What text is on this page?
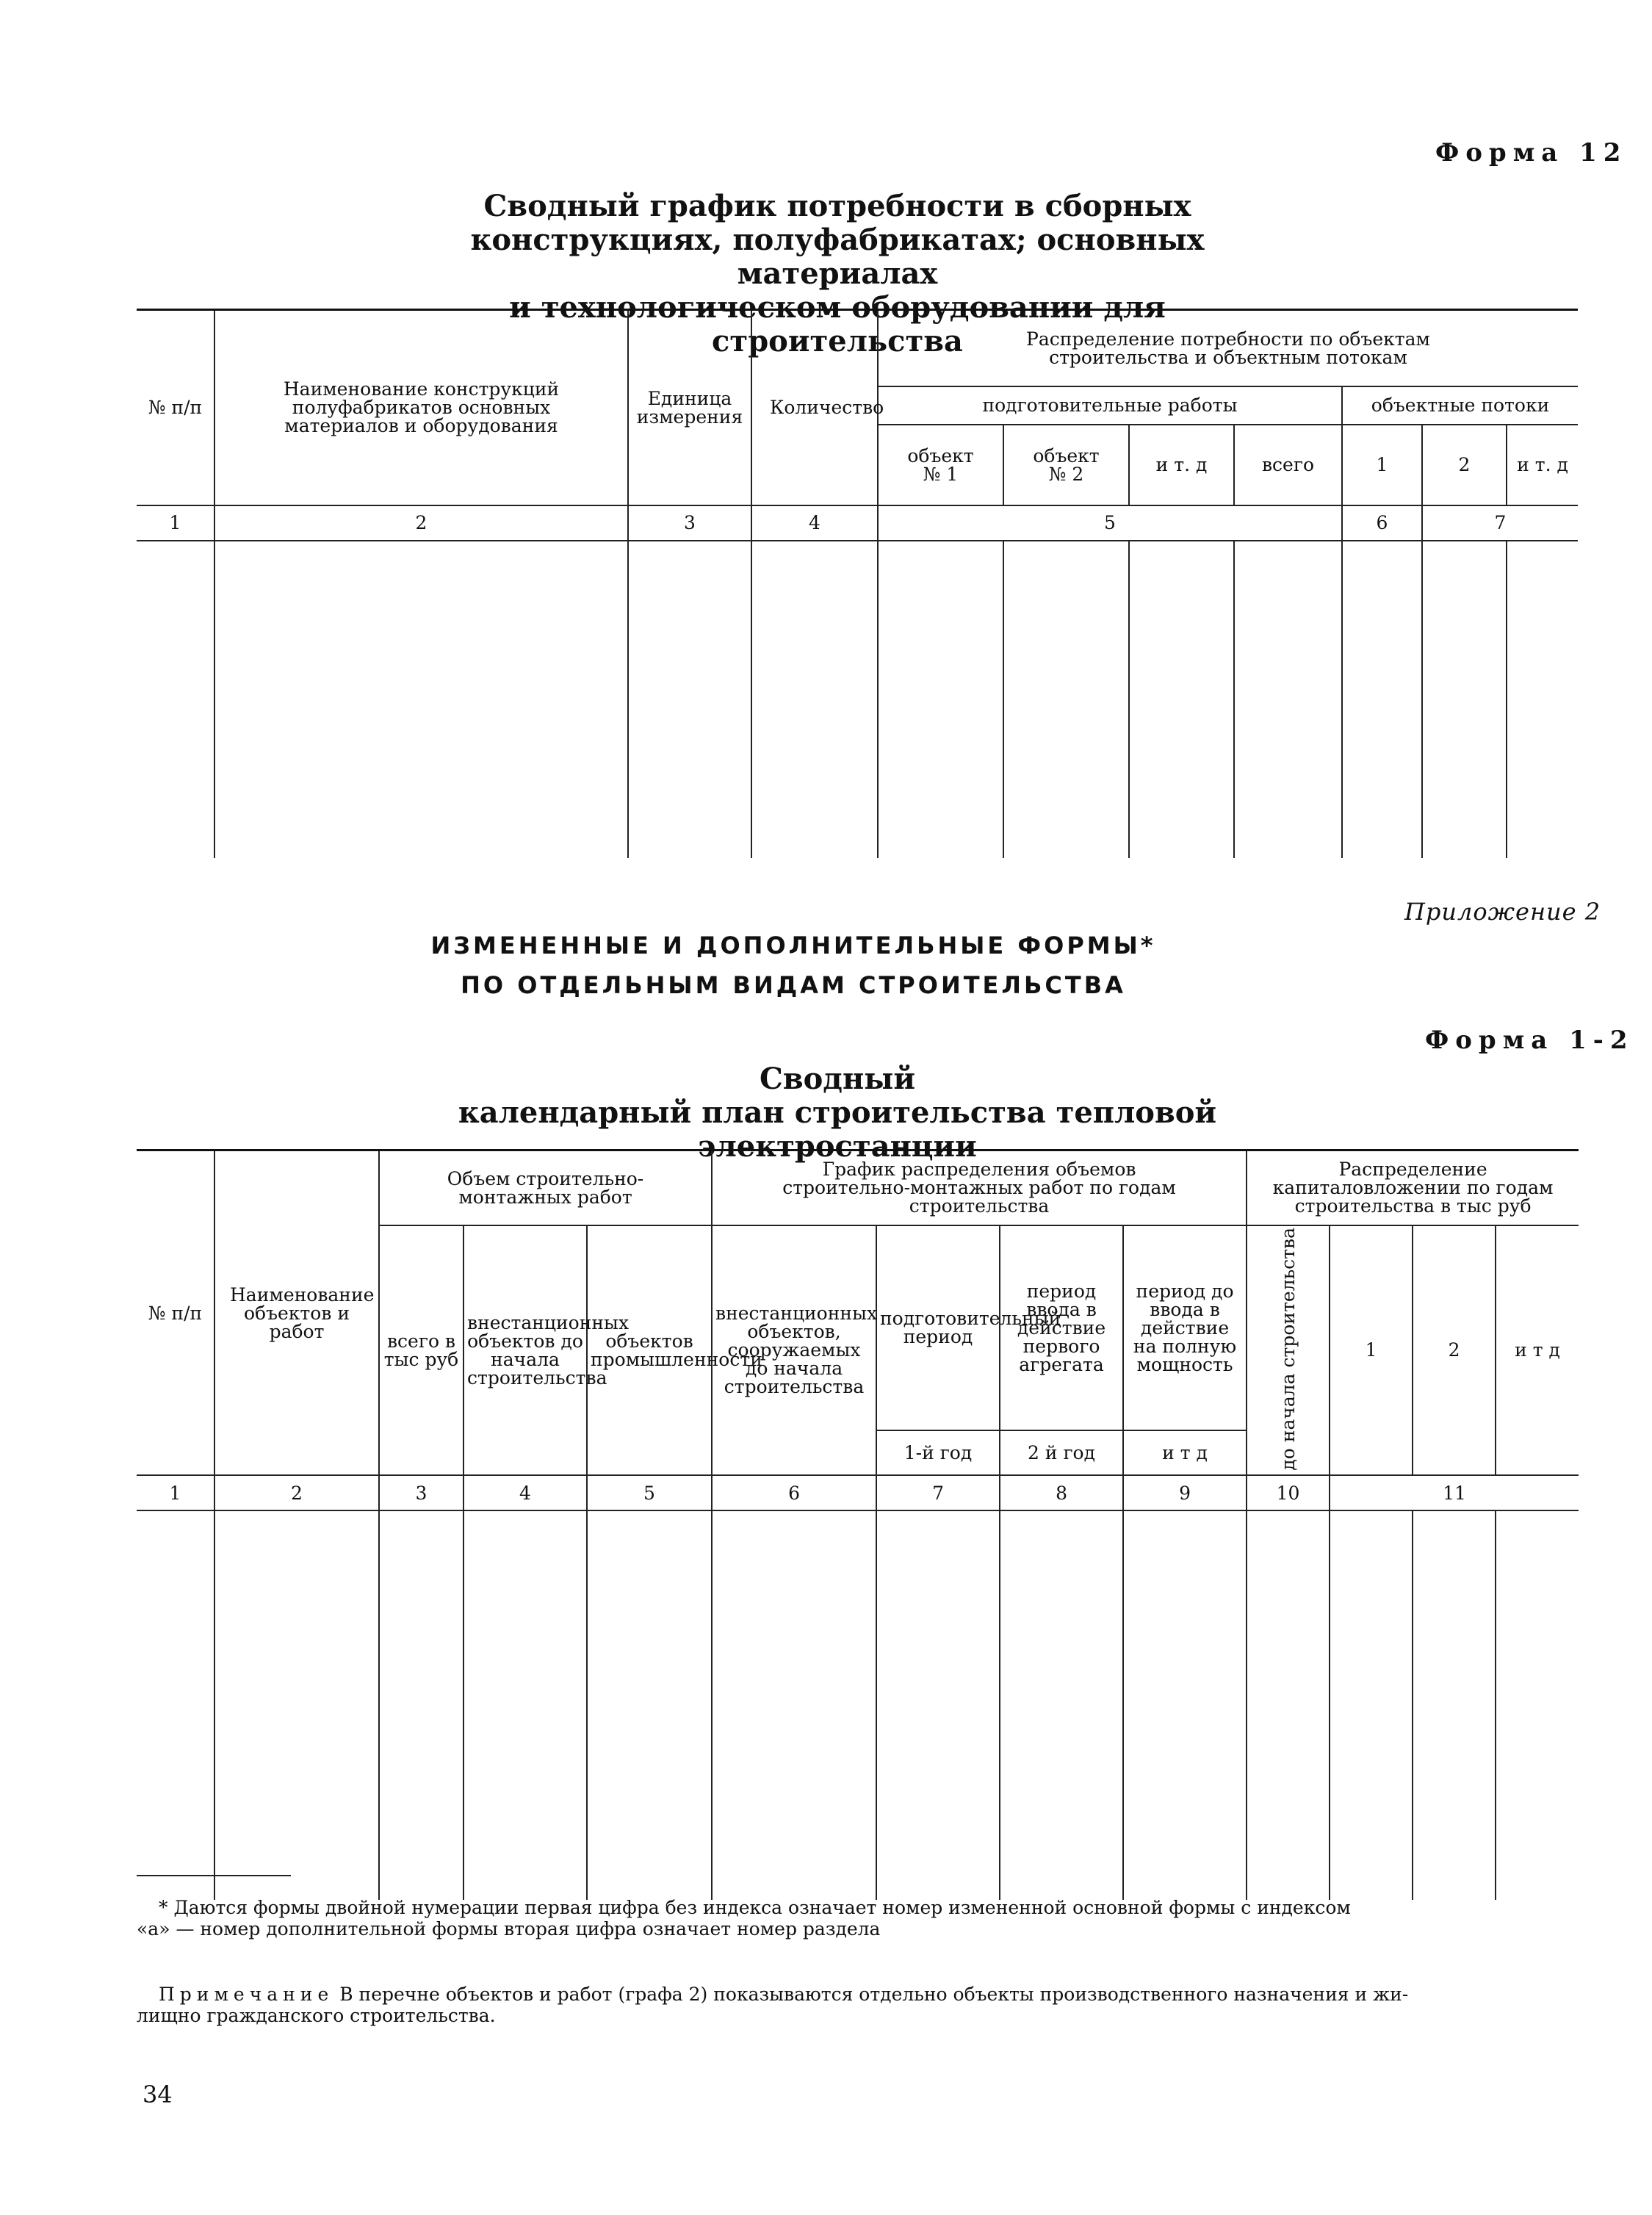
Форма 12
Сводный график потребности в сборных
конструкциях, полуфабрикатах; основных материалах
и технологическом оборудовании для строительства
№ п/п	Наименование конструкций полуфабрикатов основных материалов и оборудования	Единица измерения	Количество	Распределение потребности по объектам строительства и объектным потокам						
				подготовительные работы				объектные потоки		
				объект № 1	объект № 2	и т. д	всего	1	2	и т. д
1	2	3	4	5				6	7	

Приложение 2
ИЗМЕНЕННЫЕ И ДОПОЛНИТЕЛЬНЫЕ ФОРМЫ*
ПО ОТДЕЛЬНЫМ ВИДАМ СТРОИТЕЛЬСТВА
Форма 1-2
Сводный
календарный план строительства тепловой электростанции
№ п/п	Наименование объектов и работ	Объем строительно-монтажных работ			График распределения объемов строительно-монтажных работ по годам строительства				Распределение капиталовложении по годам строительства в тыс руб			
		всего в тыс руб	внестанционных объектов до начала строительства	объектов промышленности	внестанционных объектов, сооружаемых до начала строительства	подготовительный период	период ввода в действие первого агрегата	период до ввода в действие на полную мощность	до начала строительства	1	2	и т д
						1-й год	2 й год	и т д				
1	2	3	4	5	6	7	8	9	10	11		

* Даются формы двойной нумерации первая цифра без индекса означает номер измененной основной формы с индексом
«а» — номер дополнительной формы вторая цифра означает номер раздела
Примечание В перечне объектов и работ (графа 2) показываются отдельно объекты производственного назначения и жи-
лищно гражданского строительства.
34
